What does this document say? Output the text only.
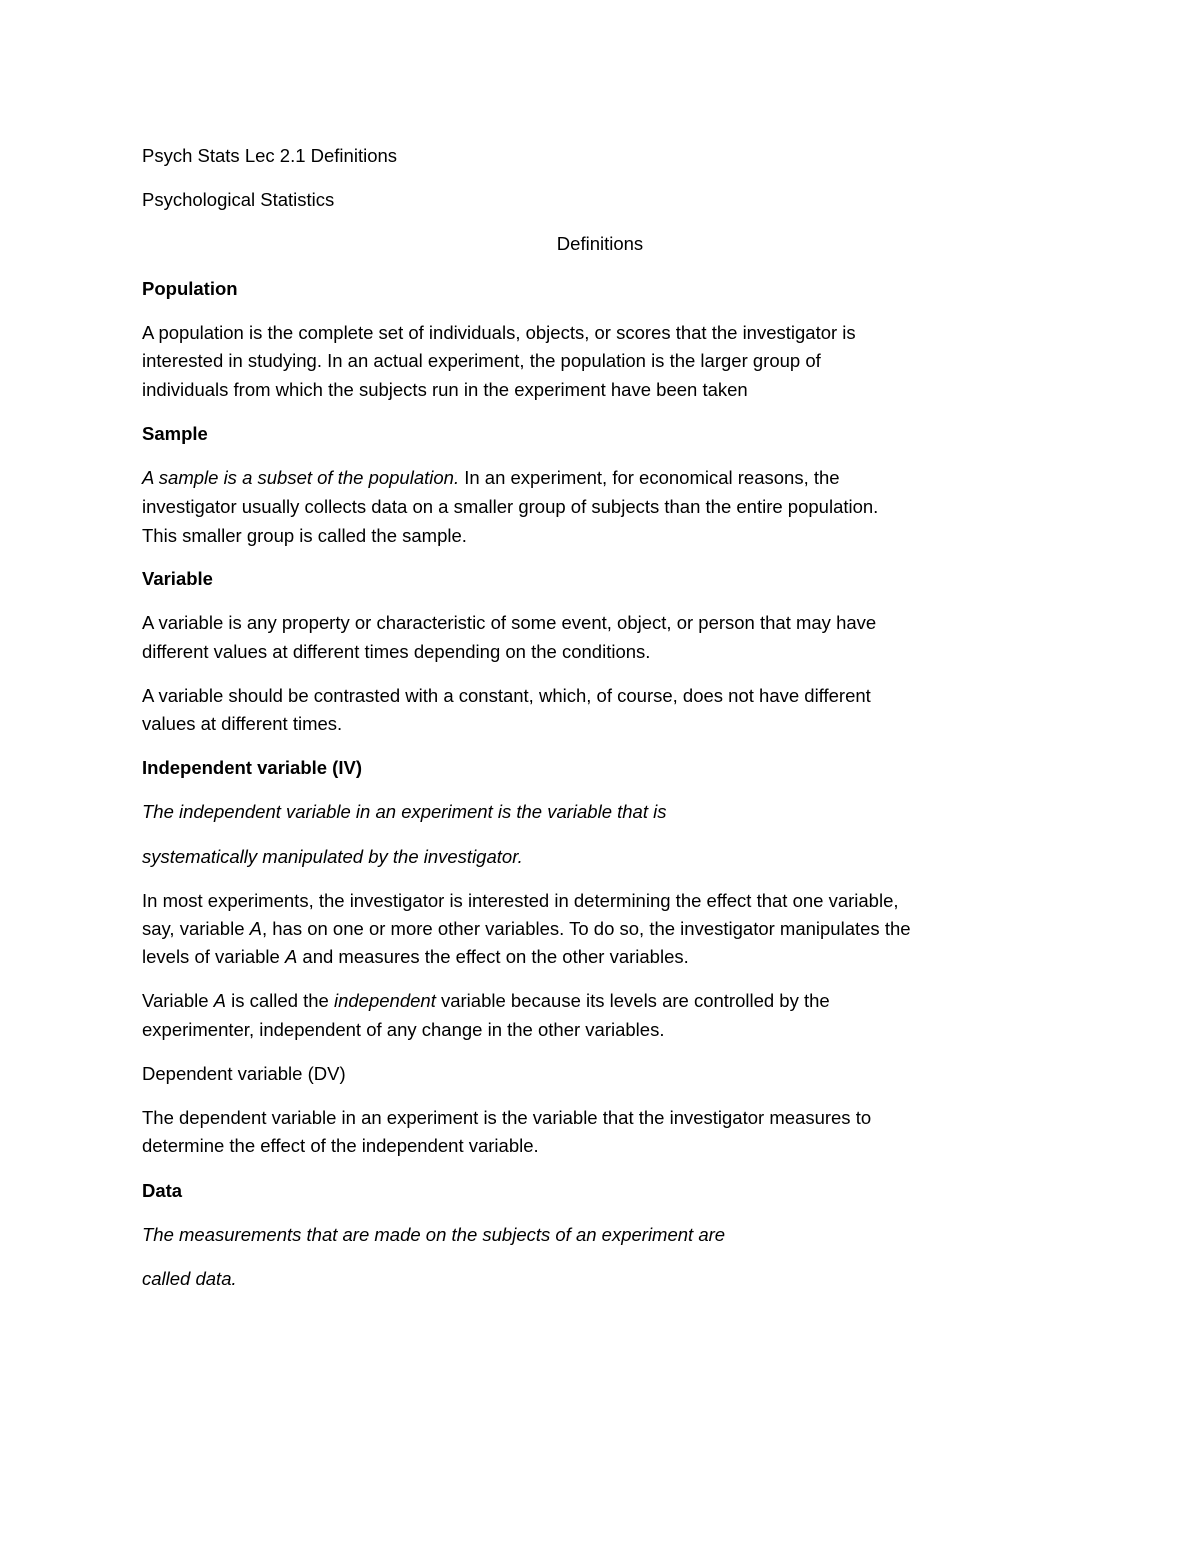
Psych Stats Lec 2.1 Definitions
Psychological Statistics
Definitions
Population
A population is the complete set of individuals, objects, or scores that the investigator is
interested in studying. In an actual experiment, the population is the larger group of
individuals from which the subjects run in the experiment have been taken
Sample
A sample is a subset of the population. In an experiment, for economical reasons, the
investigator usually collects data on a smaller group of subjects than the entire population.
This smaller group is called the sample.
Variable
A variable is any property or characteristic of some event, object, or person that may have
different values at different times depending on the conditions.
A variable should be contrasted with a constant, which, of course, does not have different
values at different times.
Independent variable (IV)
The independent variable in an experiment is the variable that is
systematically manipulated by the investigator.
In most experiments, the investigator is interested in determining the effect that one variable,
say, variable A, has on one or more other variables. To do so, the investigator manipulates the
levels of variable A and measures the effect on the other variables.
Variable A is called the independent variable because its levels are controlled by the
experimenter, independent of any change in the other variables.
Dependent variable (DV)
The dependent variable in an experiment is the variable that the investigator measures to
determine the effect of the independent variable.
Data
The measurements that are made on the subjects of an experiment are
called data.
